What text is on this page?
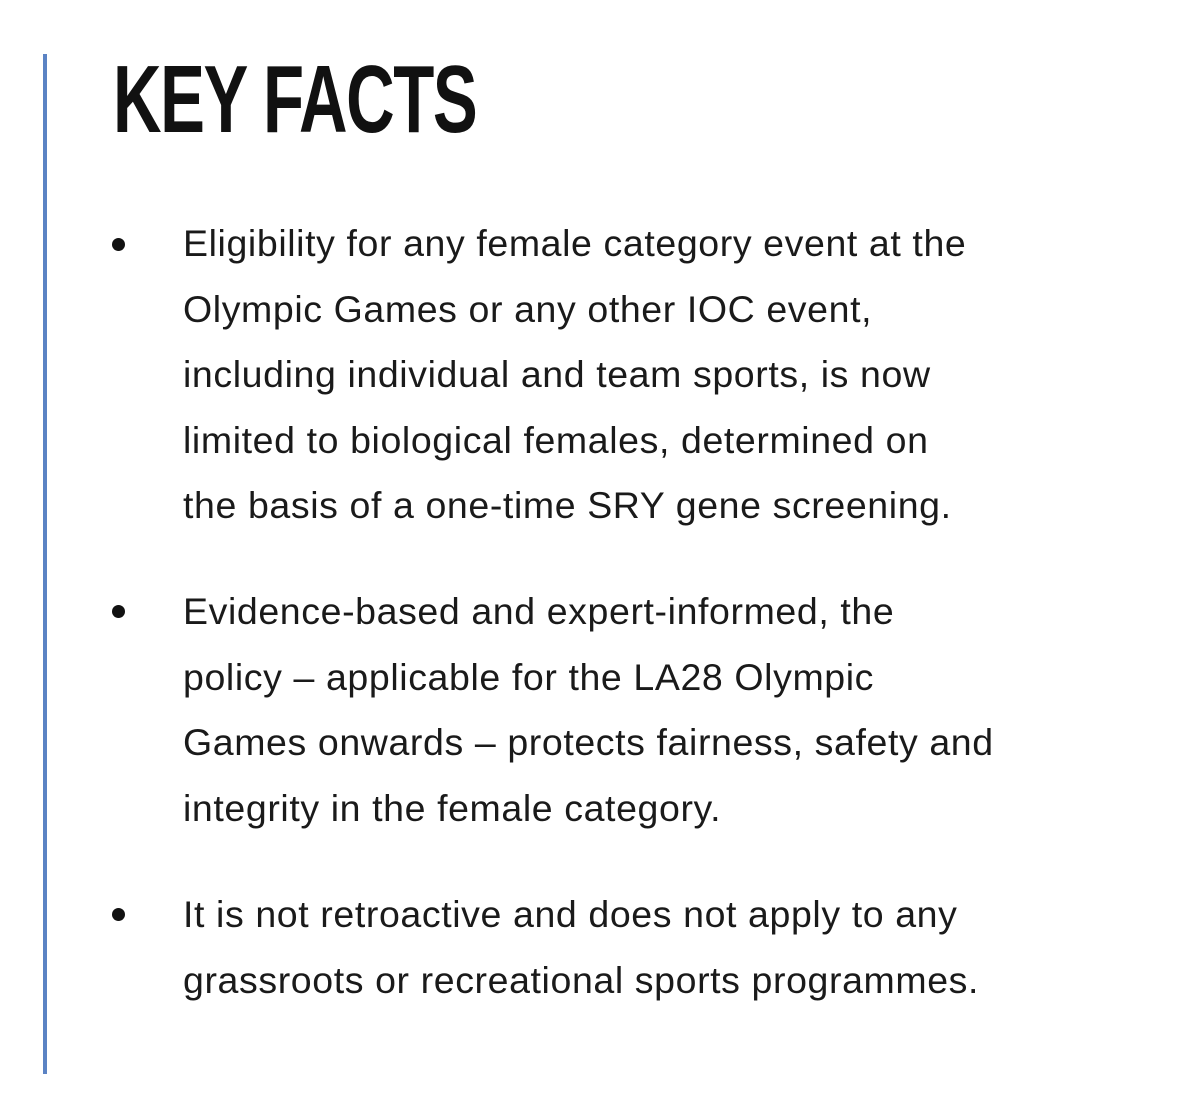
KEY FACTS

Eligibility for any female category event at the
Olympic Games or any other IOC event,
including individual and team sports, is now
limited to biological females, determined on
the basis of a one-time SRY gene screening.

Evidence-based and expert-informed, the
policy – applicable for the LA28 Olympic
Games onwards – protects fairness, safety and
integrity in the female category.

It is not retroactive and does not apply to any
grassroots or recreational sports programmes.
